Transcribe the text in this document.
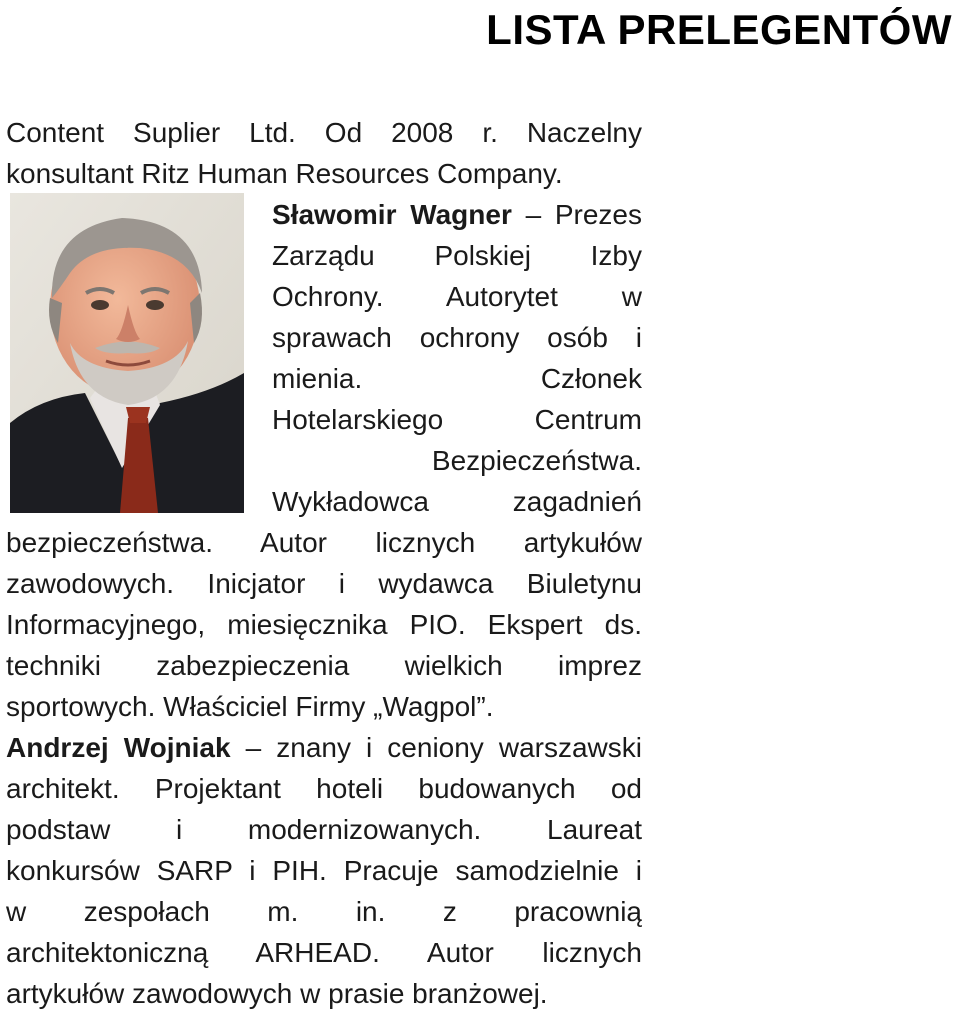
LISTA PRELEGENTÓW
Content Suplier Ltd. Od 2008 r. Naczelny
konsultant Ritz Human Resources Company.
Sławomir Wagner – Prezes
Zarządu Polskiej Izby
Ochrony. Autorytet w
sprawach ochrony osób i
mienia. Członek
Hotelarskiego Centrum
Bezpieczeństwa.
Wykładowca zagadnień
bezpieczeństwa. Autor licznych artykułów
zawodowych. Inicjator i wydawca Biuletynu
Informacyjnego, miesięcznika PIO. Ekspert ds.
techniki zabezpieczenia wielkich imprez
sportowych. Właściciel Firmy „Wagpol”.
Andrzej Wojniak – znany i ceniony warszawski
architekt. Projektant hoteli budowanych od
podstaw i modernizowanych. Laureat
konkursów SARP i PIH. Pracuje samodzielnie i
w zespołach m. in. z pracownią
architektoniczną ARHEAD. Autor licznych
artykułów zawodowych w prasie branżowej.
